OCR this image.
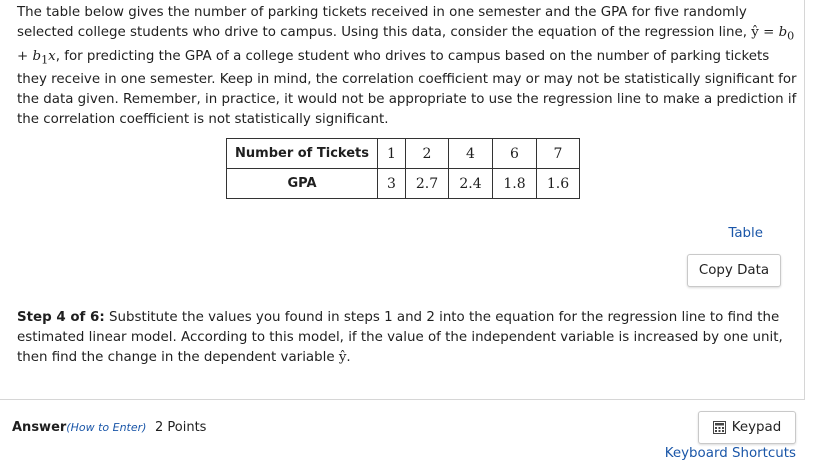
The table below gives the number of parking tickets received in one semester and the GPA for five randomly selected college students who drive to campus. Using this data, consider the equation of the regression line, ŷ = $b_0 + b_1x$, for predicting the GPA of a college student who drives to campus based on the number of parking tickets they receive in one semester. Keep in mind, the correlation coefficient may or may not be statistically significant for the data given. Remember, in practice, it would not be appropriate to use the regression line to make a prediction if the correlation coefficient is not statistically significant.

Number of Tickets	1	2	4	6	7
GPA	3	2.7	2.4	1.8	1.6
Table
Copy Data

Step 4 of 6: Substitute the values you found in steps 1 and 2 into the equation for the regression line to find the estimated linear model. According to this model, if the value of the independent variable is increased by one unit, then find the change in the dependent variable ŷ.

Answer(How to Enter) 2 Points	Keypad
Keyboard Shortcuts
